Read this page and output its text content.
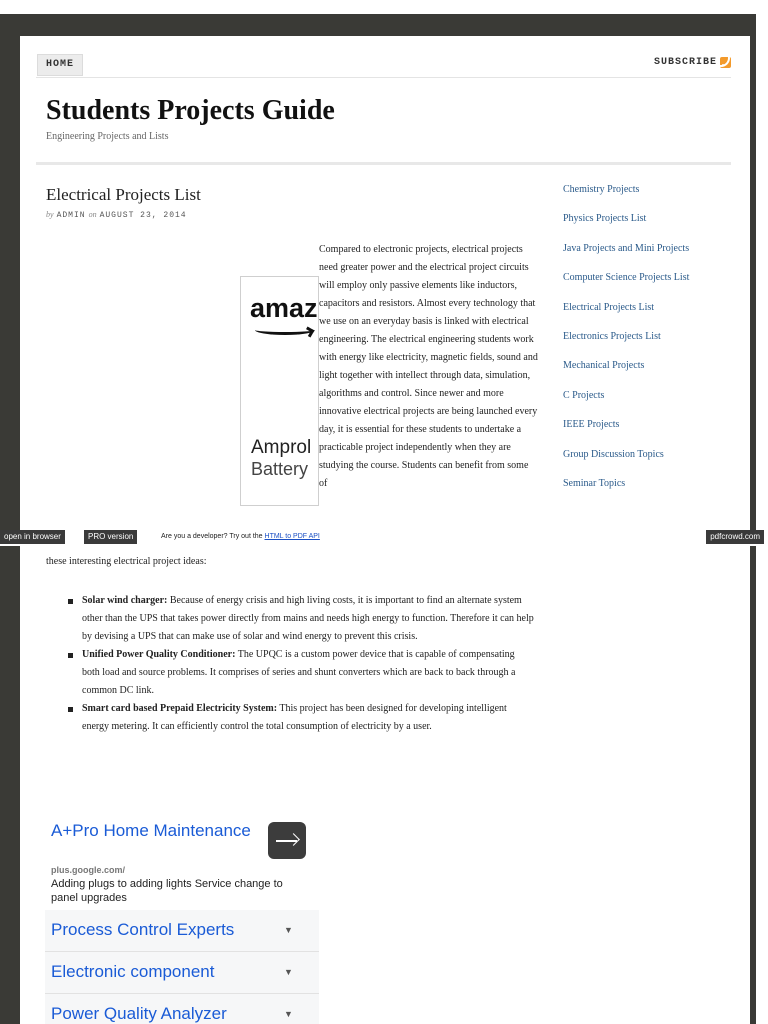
HOME	SUBSCRIBE
Students Projects Guide
Engineering Projects and Lists
Electrical Projects List
by ADMIN on AUGUST 23, 2014
amaz
Amprol
Battery

Compared to electronic projects, electrical projects need greater power and the electrical project circuits will employ only passive elements like inductors, capacitors and resistors. Almost every technology that we use on an everyday basis is linked with electrical engineering. The electrical engineering students work with energy like electricity, magnetic fields, sound and light together with intellect through data, simulation, algorithms and control. Since newer and more innovative electrical projects are being launched every day, it is essential for these students to undertake a practicable project independently when they are studying the course. Students can benefit from some of

Chemistry Projects
Physics Projects List
Java Projects and Mini Projects
Computer Science Projects List
Electrical Projects List
Electronics Projects List
Mechanical Projects
C Projects
IEEE Projects
Group Discussion Topics
Seminar Topics
open in browser	PRO version	Are you a developer? Try out the HTML to PDF API	pdfcrowd.com
these interesting electrical project ideas:
Solar wind charger: Because of energy crisis and high living costs, it is important to find an alternate system other than the UPS that takes power directly from mains and needs high energy to function. Therefore it can help by devising a UPS that can make use of solar and wind energy to prevent this crisis.
Unified Power Quality Conditioner: The UPQC is a custom power device that is capable of compensating both load and source problems. It comprises of series and shunt converters which are back to back through a common DC link.
Smart card based Prepaid Electricity System: This project has been designed for developing intelligent energy metering. It can efficiently control the total consumption of electricity by a user.
A+Pro Home Maintenance
plus.google.com/
Adding plugs to adding lights Service change to panel upgrades
Process Control Experts	▼
Electronic component	▼
Power Quality Analyzer	▼
